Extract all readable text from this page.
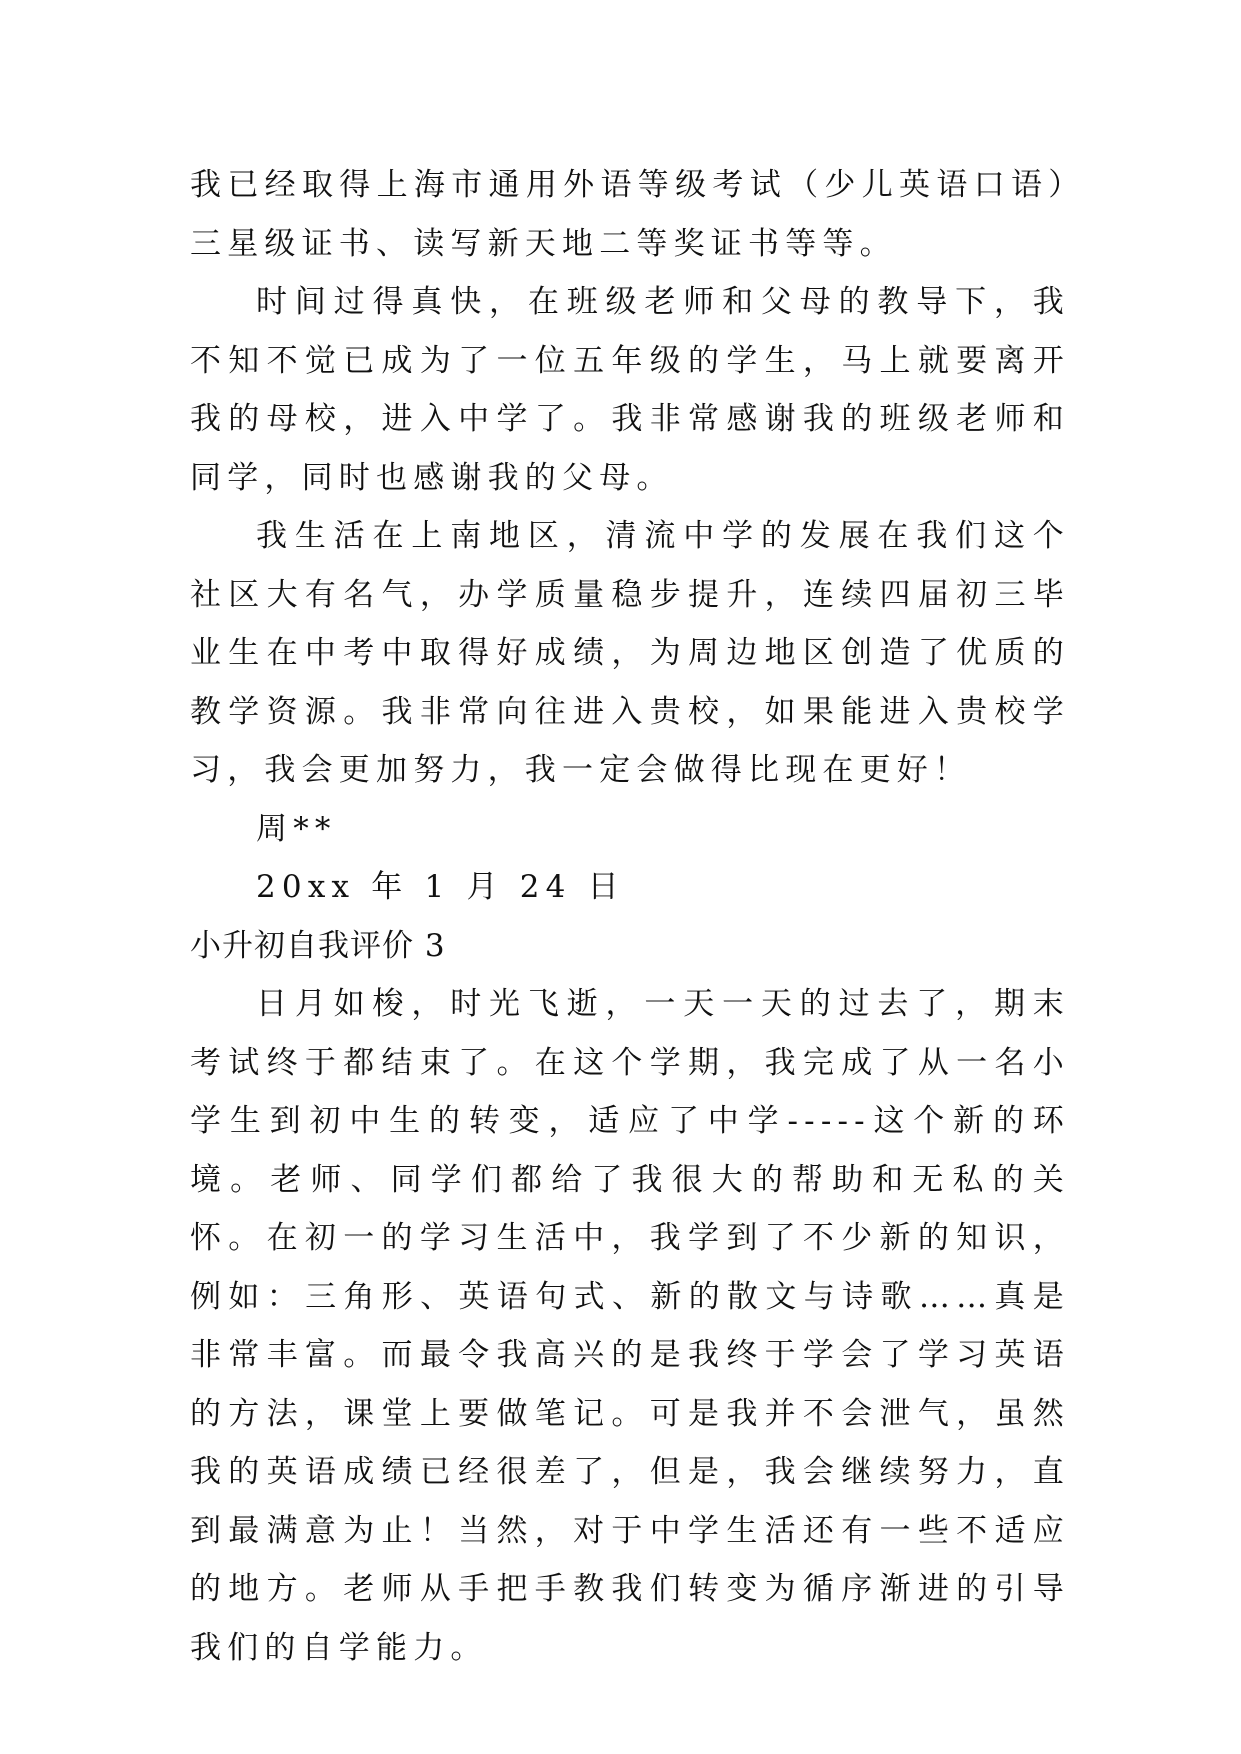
我已经取得上海市通用外语等级考试（少儿英语口语）三星级证书、读写新天地二等奖证书等等。

时间过得真快，在班级老师和父母的教导下，我不知不觉已成为了一位五年级的学生，马上就要离开我的母校，进入中学了。我非常感谢我的班级老师和同学，同时也感谢我的父母。

我生活在上南地区，清流中学的发展在我们这个社区大有名气，办学质量稳步提升，连续四届初三毕业生在中考中取得好成绩，为周边地区创造了优质的教学资源。我非常向往进入贵校，如果能进入贵校学习，我会更加努力，我一定会做得比现在更好！

周**

20xx 年 1 月 24 日

小升初自我评价 3

日月如梭，时光飞逝，一天一天的过去了，期末考试终于都结束了。在这个学期，我完成了从一名小学生到初中生的转变，适应了中学-----这个新的环境。老师、同学们都给了我很大的帮助和无私的关怀。在初一的学习生活中，我学到了不少新的知识，例如：三角形、英语句式、新的散文与诗歌……真是非常丰富。而最令我高兴的是我终于学会了学习英语的方法，课堂上要做笔记。可是我并不会泄气，虽然我的英语成绩已经很差了，但是，我会继续努力，直到最满意为止！当然，对于中学生活还有一些不适应的地方。老师从手把手教我们转变为循序渐进的引导我们的自学能力。
